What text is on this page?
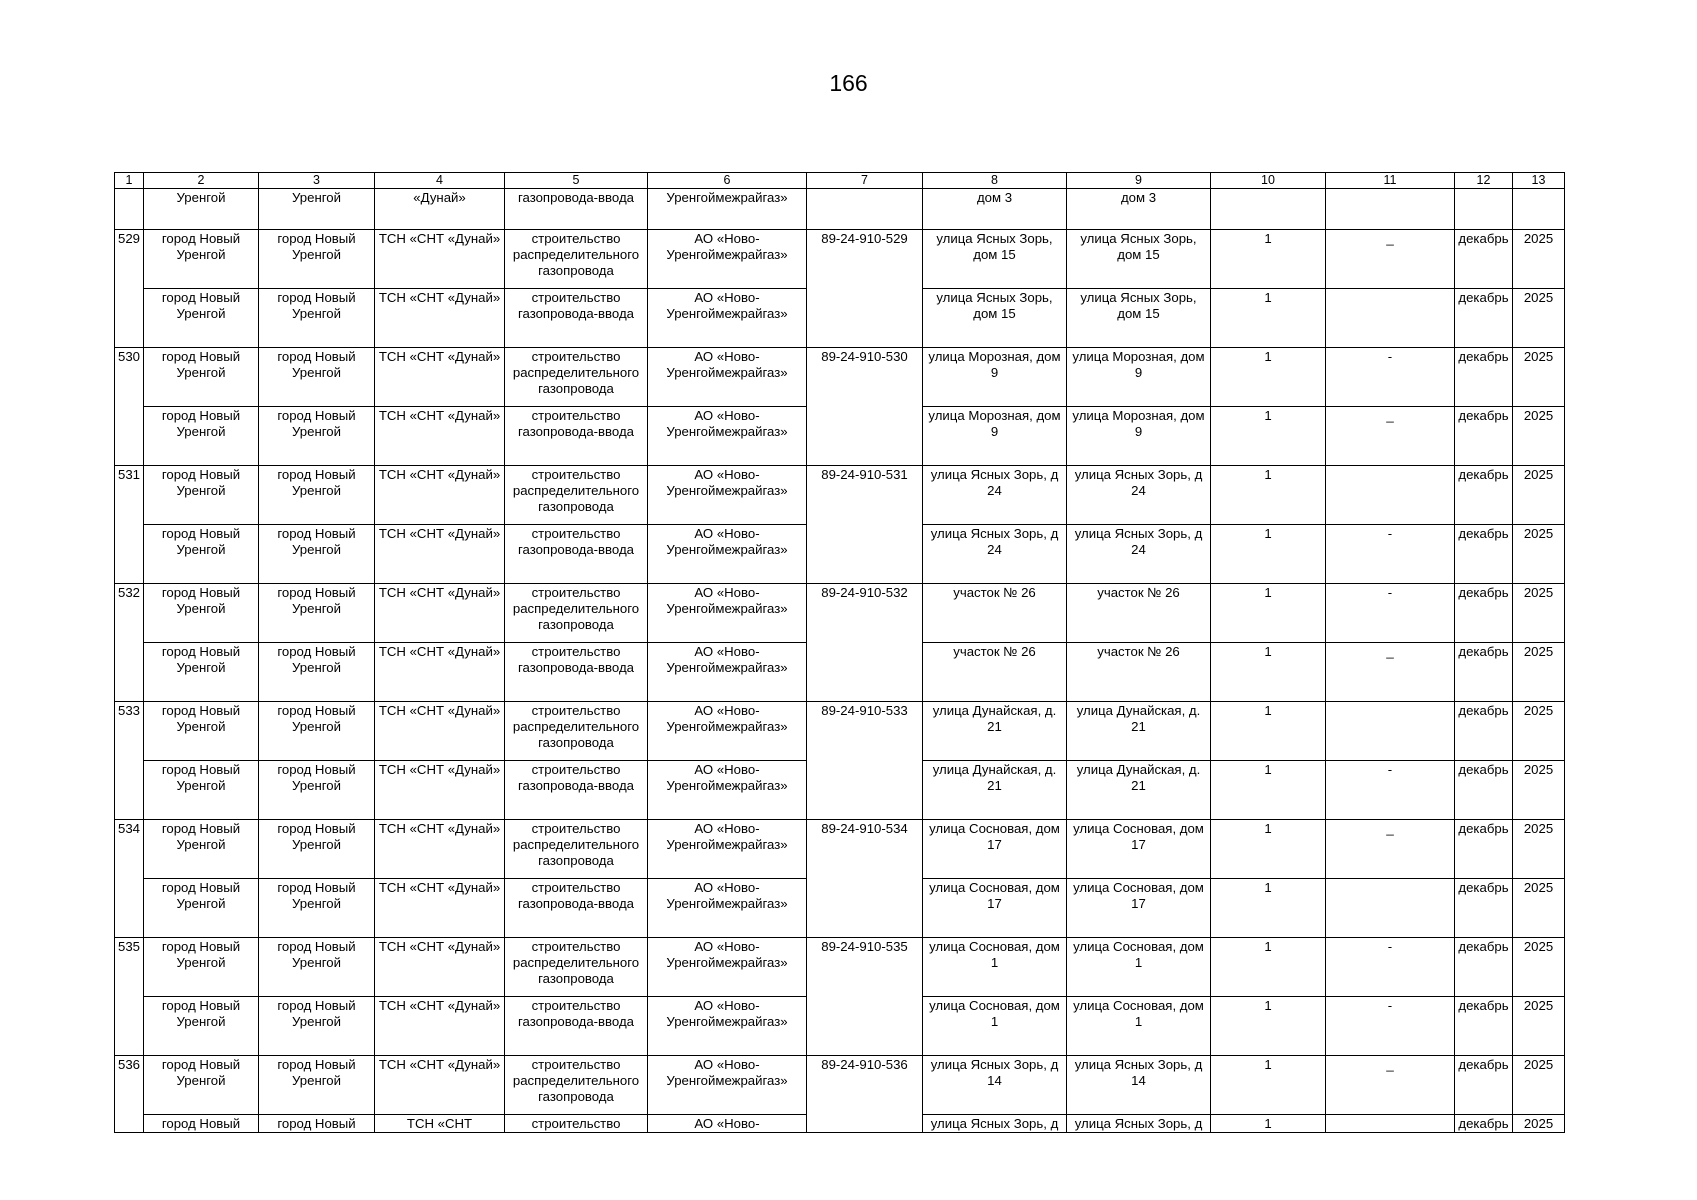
166
1	2	3	4	5	6	7	8	9	10	11	12	13
	Уренгой	Уренгой	«Дунай»	газопровода-ввода	Уренгоймежрайгаз»		дом 3	дом 3				
529	город Новый Уренгой	город Новый Уренгой	ТСН «СНТ «Дунай»	строительство распределительного газопровода	АО «Ново-Уренгоймежрайгаз»	89-24-910-529	улица Ясных Зорь, дом 15	улица Ясных Зорь, дом 15	1	_	декабрь	2025
	город Новый Уренгой	город Новый Уренгой	ТСН «СНТ «Дунай»	строительство газопровода-ввода	АО «Ново-Уренгоймежрайгаз»		улица Ясных Зорь, дом 15	улица Ясных Зорь, дом 15	1		декабрь	2025
530	город Новый Уренгой	город Новый Уренгой	ТСН «СНТ «Дунай»	строительство распределительного газопровода	АО «Ново-Уренгоймежрайгаз»	89-24-910-530	улица Морозная, дом 9	улица Морозная, дом 9	1	-	декабрь	2025
	город Новый Уренгой	город Новый Уренгой	ТСН «СНТ «Дунай»	строительство газопровода-ввода	АО «Ново-Уренгоймежрайгаз»		улица Морозная, дом 9	улица Морозная, дом 9	1	_	декабрь	2025
531	город Новый Уренгой	город Новый Уренгой	ТСН «СНТ «Дунай»	строительство распределительного газопровода	АО «Ново-Уренгоймежрайгаз»	89-24-910-531	улица Ясных Зорь, д 24	улица Ясных Зорь, д 24	1		декабрь	2025
	город Новый Уренгой	город Новый Уренгой	ТСН «СНТ «Дунай»	строительство газопровода-ввода	АО «Ново-Уренгоймежрайгаз»		улица Ясных Зорь, д 24	улица Ясных Зорь, д 24	1	-	декабрь	2025
532	город Новый Уренгой	город Новый Уренгой	ТСН «СНТ «Дунай»	строительство распределительного газопровода	АО «Ново-Уренгоймежрайгаз»	89-24-910-532	участок № 26	участок № 26	1	-	декабрь	2025
	город Новый Уренгой	город Новый Уренгой	ТСН «СНТ «Дунай»	строительство газопровода-ввода	АО «Ново-Уренгоймежрайгаз»		участок № 26	участок № 26	1	_	декабрь	2025
533	город Новый Уренгой	город Новый Уренгой	ТСН «СНТ «Дунай»	строительство распределительного газопровода	АО «Ново-Уренгоймежрайгаз»	89-24-910-533	улица Дунайская, д. 21	улица Дунайская, д. 21	1		декабрь	2025
	город Новый Уренгой	город Новый Уренгой	ТСН «СНТ «Дунай»	строительство газопровода-ввода	АО «Ново-Уренгоймежрайгаз»		улица Дунайская, д. 21	улица Дунайская, д. 21	1	-	декабрь	2025
534	город Новый Уренгой	город Новый Уренгой	ТСН «СНТ «Дунай»	строительство распределительного газопровода	АО «Ново-Уренгоймежрайгаз»	89-24-910-534	улица Сосновая, дом 17	улица Сосновая, дом 17	1	_	декабрь	2025
	город Новый Уренгой	город Новый Уренгой	ТСН «СНТ «Дунай»	строительство газопровода-ввода	АО «Ново-Уренгоймежрайгаз»		улица Сосновая, дом 17	улица Сосновая, дом 17	1		декабрь	2025
535	город Новый Уренгой	город Новый Уренгой	ТСН «СНТ «Дунай»	строительство распределительного газопровода	АО «Ново-Уренгоймежрайгаз»	89-24-910-535	улица Сосновая, дом 1	улица Сосновая, дом 1	1	-	декабрь	2025
	город Новый Уренгой	город Новый Уренгой	ТСН «СНТ «Дунай»	строительство газопровода-ввода	АО «Ново-Уренгоймежрайгаз»		улица Сосновая, дом 1	улица Сосновая, дом 1	1	-	декабрь	2025
536	город Новый Уренгой	город Новый Уренгой	ТСН «СНТ «Дунай»	строительство распределительного газопровода	АО «Ново-Уренгоймежрайгаз»	89-24-910-536	улица Ясных Зорь, д 14	улица Ясных Зорь, д 14	1	_	декабрь	2025
	город Новый	город Новый	ТСН «СНТ	строительство	АО «Ново-		улица Ясных Зорь, д	улица Ясных Зорь, д	1		декабрь	2025
